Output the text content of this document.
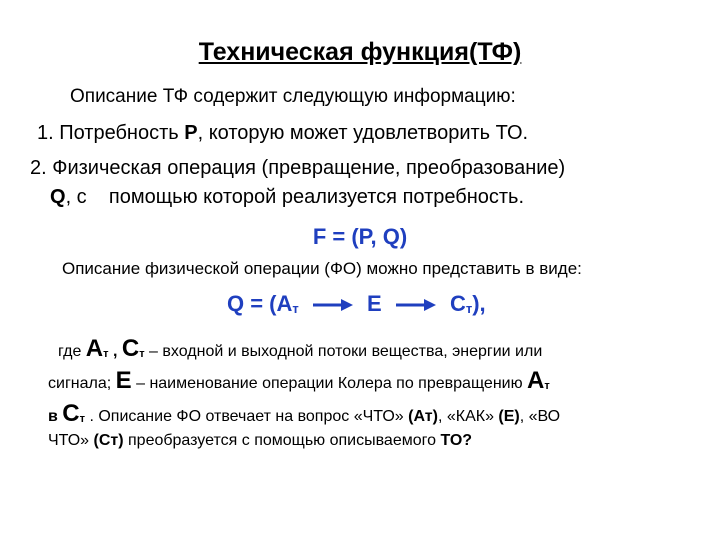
Техническая функция(ТФ)
Описание ТФ содержит следующую информацию:
1. Потребность Р, которую может удовлетворить ТО.
2. Физическая операция (превращение, преобразование)
Q, с    помощью которой реализуется потребность.
F = (P, Q)
Описание физической операции (ФО) можно представить в виде:
Q = (Aт	E	Cт),
где Ат , Ст – входной и выходной потоки вещества, энергии или
сигнала; Е – наименование операции Колера по превращению Ат
в Ст . Описание ФО отвечает на вопрос «ЧТО» (Ат), «КАК» (Е), «ВО
ЧТО» (Ст) преобразуется с помощью описываемого ТО?
